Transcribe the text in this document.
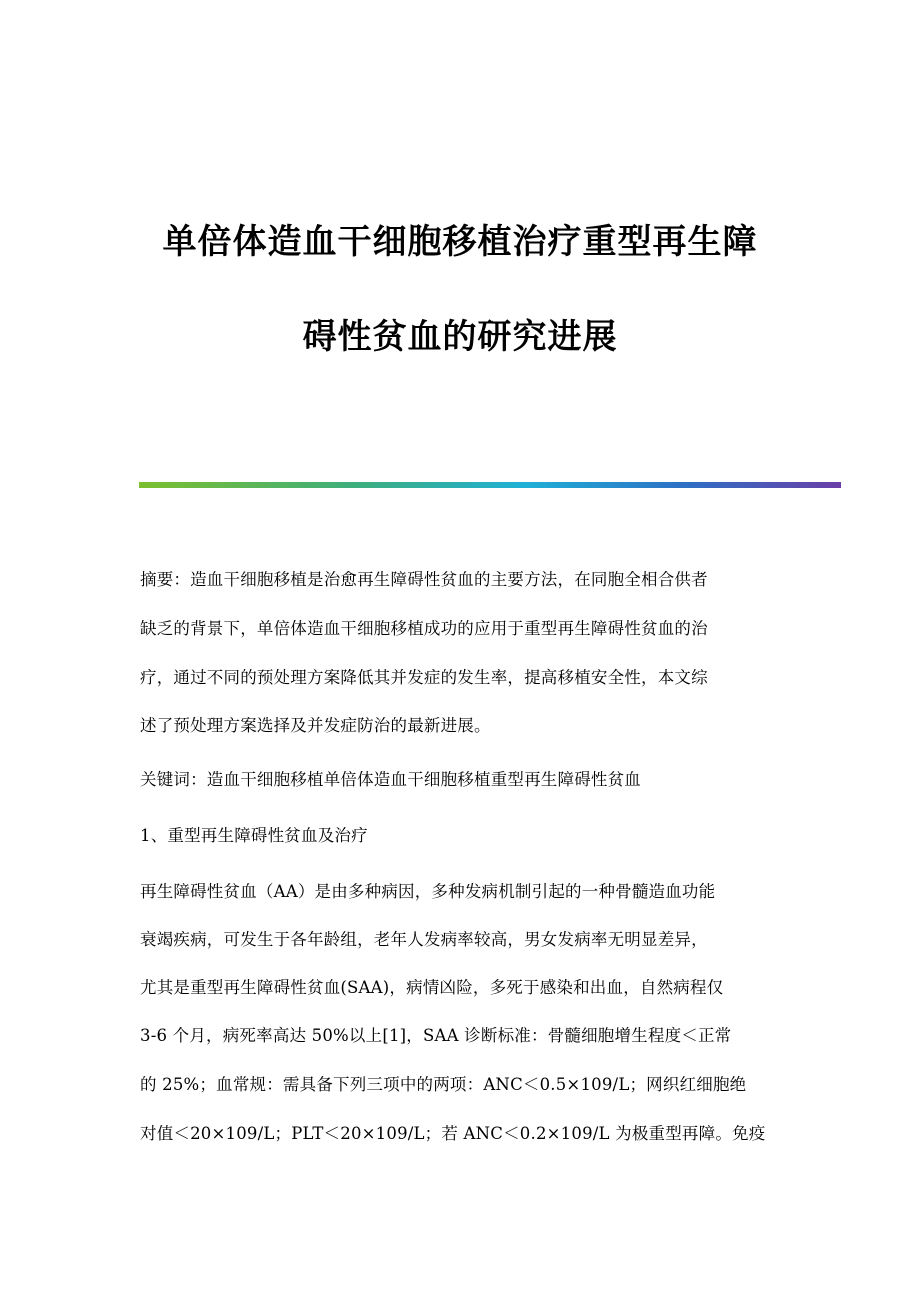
单倍体造血干细胞移植治疗重型再生障
碍性贫血的研究进展
摘要：造血干细胞移植是治愈再生障碍性贫血的主要方法，在同胞全相合供者
缺乏的背景下，单倍体造血干细胞移植成功的应用于重型再生障碍性贫血的治
疗，通过不同的预处理方案降低其并发症的发生率，提高移植安全性，本文综
述了预处理方案选择及并发症防治的最新进展。
关键词：造血干细胞移植单倍体造血干细胞移植重型再生障碍性贫血
1、重型再生障碍性贫血及治疗
再生障碍性贫血（AA）是由多种病因，多种发病机制引起的一种骨髓造血功能
衰竭疾病，可发生于各年龄组，老年人发病率较高，男女发病率无明显差异，
尤其是重型再生障碍性贫血(SAA)，病情凶险，多死于感染和出血，自然病程仅
3-6 个月，病死率高达 50%以上[1]，SAA 诊断标准：骨髓细胞增生程度＜正常
的 25%；血常规：需具备下列三项中的两项：ANC＜0.5×109/L；网织红细胞绝
对值＜20×109/L；PLT＜20×109/L；若 ANC＜0.2×109/L 为极重型再障。免疫
